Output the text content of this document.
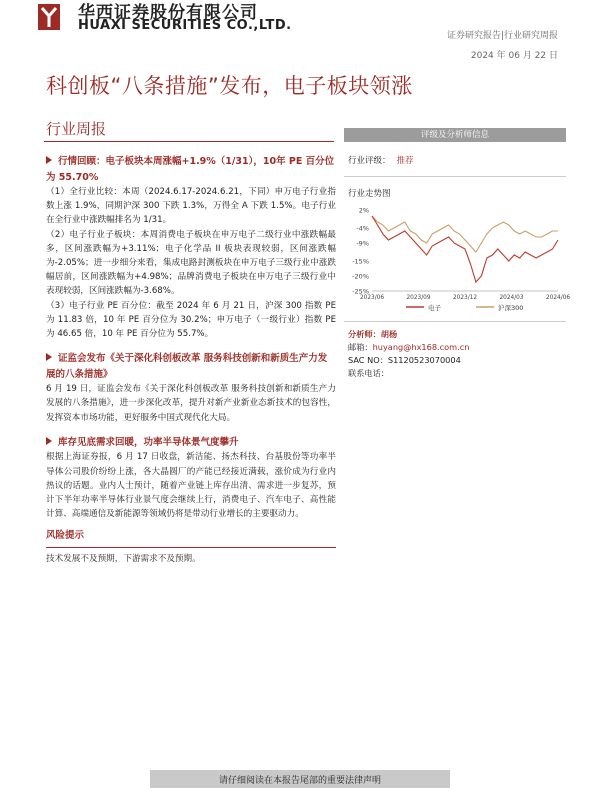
华西证券股份有限公司
HUAXI SECURITIES CO.,LTD.
证券研究报告|行业研究周报
2024 年 06 月 22 日
科创板“八条措施”发布，电子板块领涨
行业周报
行情回顾：电子板块本周涨幅+1.9%（1/31），10年 PE 百分位为 55.70%

（1）全行业比较：本周（2024.6.17-2024.6.21，下同）申万电子行业指数上涨 1.9%，同期沪深 300 下跌 1.3%，万得全 A 下跌 1.5%。电子行业在全行业中涨跌幅排名为 1/31。

（2）电子行业子板块：本周消费电子板块在申万电子二级行业中涨跌幅最多，区间涨跌幅为+3.11%；电子化学品 II 板块表现较弱，区间涨跌幅为-2.05%；进一步细分来看，集成电路封测板块在申万电子三级行业中涨跌幅居前，区间涨跌幅为+4.98%；品牌消费电子板块在申万电子三级行业中表现较弱，区间涨跌幅为-3.68%。

（3）电子行业 PE 百分位：截至 2024 年 6 月 21 日，沪深 300 指数 PE 为 11.83 倍，10 年 PE 百分位为 30.2%；申万电子（一级行业）指数 PE 为 46.65 倍，10 年 PE 百分位为 55.7%。

证监会发布《关于深化科创板改革 服务科技创新和新质生产力发展的八条措施》

6 月 19 日，证监会发布《关于深化科创板改革 服务科技创新和新质生产力发展的八条措施》，进一步深化改革，提升对新产业新业态新技术的包容性，发挥资本市场功能，更好服务中国式现代化大局。

库存见底需求回暖，功率半导体景气度攀升

根据上海证券报，6 月 17 日收盘，新洁能、扬杰科技、台基股份等功率半导体公司股价纷纷上涨，各大晶圆厂的产能已经接近满载，涨价成为行业内热议的话题。业内人士预计，随着产业链上库存出清、需求进一步复苏，预计下半年功率半导体行业景气度会继续上行，消费电子、汽车电子、高性能计算、高端通信及新能源等领域仍将是带动行业增长的主要驱动力。

风险提示

技术发展不及预期，下游需求不及预期。

评级及分析师信息
行业评级： 推荐
行业走势图
2%
-4%
-9%
-15%
-20%
-25%
2023/06	2023/09	2023/12	2024/03	2024/06
电子	沪深300
分析师：胡杨
邮箱：huyang@hx168.com.cn
SAC NO：S1120523070004
联系电话：
请仔细阅读在本报告尾部的重要法律声明
